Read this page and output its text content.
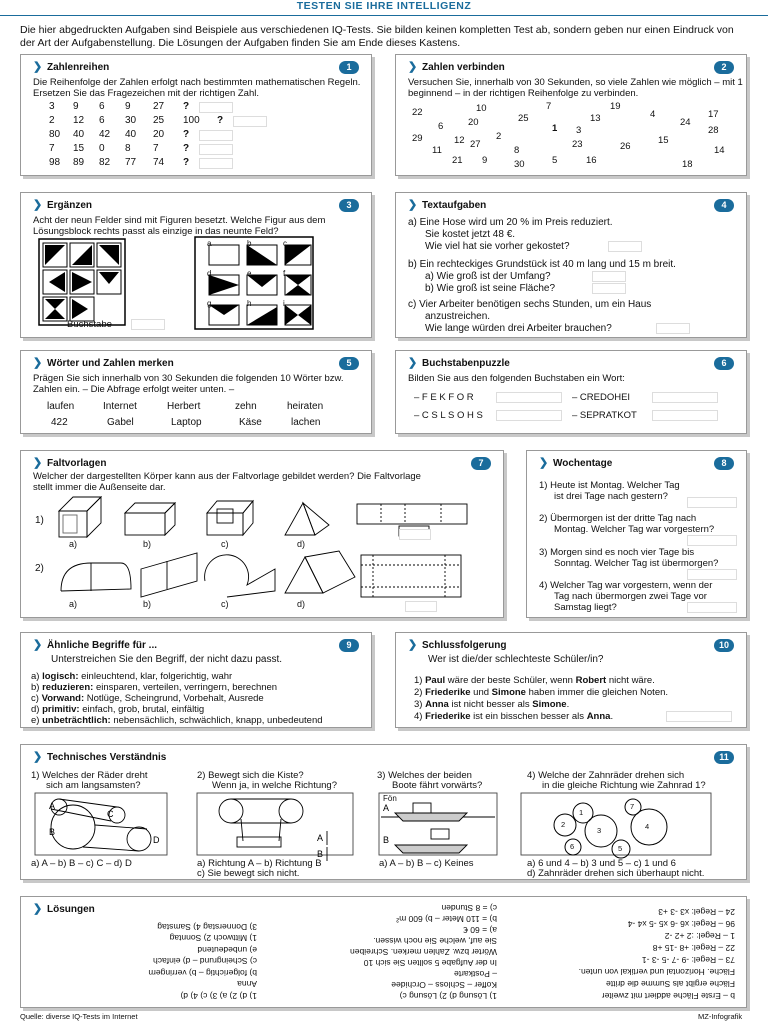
TESTEN SIE IHRE INTELLIGENZ
Die hier abgedruckten Aufgaben sind Beispiele aus verschiedenen IQ-Tests. Sie bilden keinen kompletten Test ab, sondern geben nur einen Eindruck von der Art der Aufgabenstellung. Die Lösungen der Aufgaben finden Sie am Ende dieses Kastens.
❯ Zahlenreihen	1
Die Reihenfolge der Zahlen erfolgt nach bestimmten mathematischen Regeln. Ersetzen Sie das Fragezeichen mit der richtigen Zahl.
3 9 6 9 27 ?
2 12 6 30 25 100 ?
80 40 42 40 20 ?
7 15 0 8 7 ?
98 89 82 77 74 ?
❯ Zahlen verbinden	2
Versuchen Sie, innerhalb von 30 Sekunden, so viele Zahlen wie möglich – mit 1 beginnend – in der richtigen Reihenfolge zu verbinden.
22	10	7	19
4	17
25	24
6	20	13
28
2
1 3
29	12	23	15
14
11
27
8	26
21 9	30	5	16	18
❯ Ergänzen	3
Acht der neun Felder sind mit Figuren besetzt. Welche Figur aus dem Lösungsblock rechts passt als einzige in das neunte Feld?
Buchstabe
a	b	c
d	e	f
g	h	i
❯ Textaufgaben	4
a) Eine Hose wird um 20 % im Preis reduziert.
Sie kostet jetzt 48 €.
Wie viel hat sie vorher gekostet?
b) Ein rechteckiges Grundstück ist 40 m lang und 15 m breit.
a) Wie groß ist der Umfang?
b) Wie groß ist seine Fläche?
c) Vier Arbeiter benötigen sechs Stunden, um ein Haus
anzustreichen.
Wie lange würden drei Arbeiter brauchen?
❯ Wörter und Zahlen merken	5
Prägen Sie sich innerhalb von 30 Sekunden die folgenden 10 Wörter bzw. Zahlen ein. – Die Abfrage erfolgt weiter unten. –
laufen	Internet	Herbert	zehn	heiraten
422	Gabel	Laptop	Käse	lachen
❯ Buchstabenpuzzle	6
Bilden Sie aus den folgenden Buchstaben ein Wort:
– F E K F O R	– CREDOHEI
– C S L S O H S	– SEPRATKOT
❯ Faltvorlagen	7
Welcher der dargestellten Körper kann aus der Faltvorlage gebildet werden? Die Faltvorlage stellt immer die Außenseite dar.
1)
2)
a)
a)
b)
b)
c)
c)
d)
d)
❯ Wochentage	8
1) Heute ist Montag. Welcher Tag
ist drei Tage nach gestern?
2) Übermorgen ist der dritte Tag nach
Montag. Welcher Tag war vorgestern?
3) Morgen sind es noch vier Tage bis
Sonntag. Welcher Tag ist übermorgen?
4) Welcher Tag war vorgestern, wenn der
Tag nach übermorgen zwei Tage vor
Samstag liegt?
❯ Ähnliche Begriffe für ...	9
Unterstreichen Sie den Begriff, der nicht dazu passt.
a) logisch: einleuchtend, klar, folgerichtig, wahr
b) reduzieren: einsparen, verteilen, verringern, berechnen
c) Vorwand: Notlüge, Scheingrund, Vorbehalt, Ausrede
d) primitiv: einfach, grob, brutal, einfältig
e) unbeträchtlich: nebensächlich, schwächlich, knapp, unbedeutend
❯ Schlussfolgerung	10
Wer ist die/der schlechteste Schüler/in?
1) Paul wäre der beste Schüler, wenn Robert nicht wäre.
2) Friederike und Simone haben immer die gleichen Noten.
3) Anna ist nicht besser als Simone.
4) Friederike ist ein bisschen besser als Anna.
❯ Technisches Verständnis	11
1) Welches der Räder dreht
sich am langsamsten?
2) Bewegt sich die Kiste?
Wenn ja, in welche Richtung?
3) Welches der beiden
Boote fährt vorwärts?
4) Welche der Zahnräder drehen sich
in die gleiche Richtung wie Zahnrad 1?
A
B
C
D	A
B
A
B
Fön
1
2
3	4
5
6
7
a) A – b) B – c) C – d) D	a) Richtung A – b) Richtung B
c) Sie bewegt sich nicht.
a) A – b) B – c) Keines	a) 6 und 4 – b) 3 und 5 – c) 1 und 6
d) Zahnräder drehen sich überhaupt nicht.
❯ Lösungen
1) d) 2) a) 3) c) 4) d)
Anna
b) folgerichtig – b) verringern
c) Scheingrund – d) einfach
e) unbedeutend
1) Mittwoch 2) Sonntag
3) Donnerstag 4) Samstag
1) Lösung d) 2) Lösung c)
Koffer – Schloss – Orchidee
– Postkarte
In der Aufgabe 5 sollten Sie sich 10
Wörter bzw. Zahlen merken. Schreiben
Sie auf, welche Sie noch wissen.
a) = 60 €
b) = 110 Meter – b) 600 m²
c) = 8 Stunden
b – Erste Fläche addiert mit zweiter
Fläche ergibt als Summe die dritte
Fläche. Horizontal und vertikal von unten.
73 – Regel: -9 -7 -5 -3 -1
22 – Regel: +8 -15 +8
1 – Regel: :2 +2 -2
96 – Regel: x6 -6 x5 -5 x4 -4
24 – Regel: x3 -3 +3
Quelle: diverse IQ-Tests im Internet	MZ-Infografik
